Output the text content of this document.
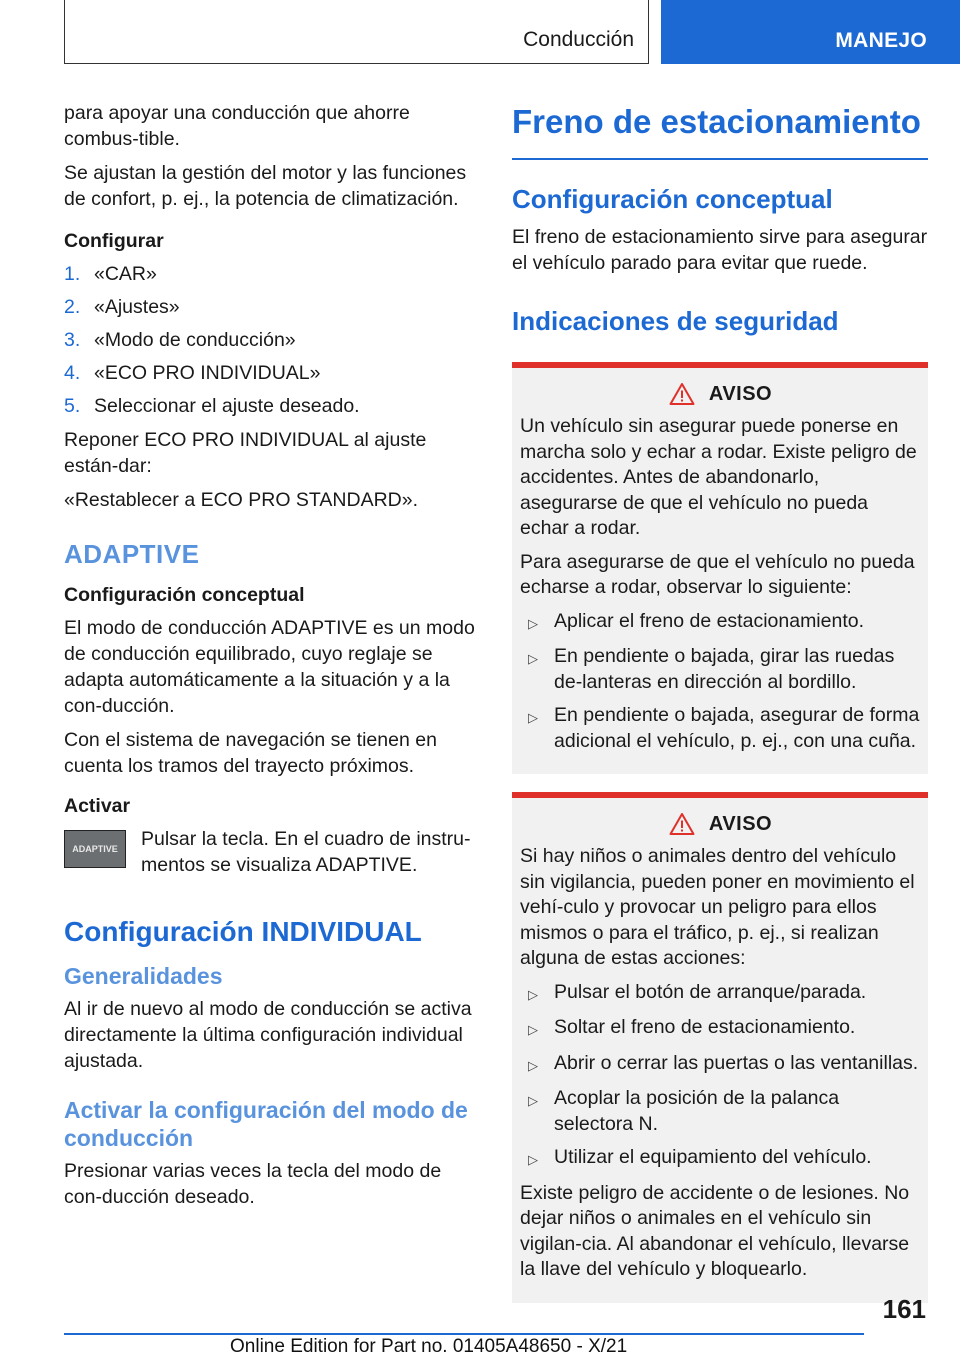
Conducción	MANEJO

para apoyar una conducción que ahorre combus-tible.

Se ajustan la gestión del motor y las funciones de confort, p. ej., la potencia de climatización.

Configurar
1. «CAR»
2. «Ajustes»
3. «Modo de conducción»
4. «ECO PRO INDIVIDUAL»
5. Seleccionar el ajuste deseado.

Reponer ECO PRO INDIVIDUAL al ajuste están-dar:

«Restablecer a ECO PRO STANDARD».

ADAPTIVE
Configuración conceptual

El modo de conducción ADAPTIVE es un modo de conducción equilibrado, cuyo reglaje se adapta automáticamente a la situación y a la con-ducción.

Con el sistema de navegación se tienen en cuenta los tramos del trayecto próximos.

Activar
ADAPTIVE	Pulsar la tecla. En el cuadro de instru-mentos se visualiza ADAPTIVE.

Configuración INDIVIDUAL
Generalidades

Al ir de nuevo al modo de conducción se activa directamente la última configuración individual ajustada.

Activar la configuración del modo de conducción

Presionar varias veces la tecla del modo de con-ducción deseado.

Freno de estacionamiento
Configuración conceptual

El freno de estacionamiento sirve para asegurar el vehículo parado para evitar que ruede.

Indicaciones de seguridad
AVISO

Un vehículo sin asegurar puede ponerse en marcha solo y echar a rodar. Existe peligro de accidentes. Antes de abandonarlo, asegurarse de que el vehículo no pueda echar a rodar.

Para asegurarse de que el vehículo no pueda echarse a rodar, observar lo siguiente:

▷ Aplicar el freno de estacionamiento.
▷ En pendiente o bajada, girar las ruedas de-lanteras en dirección al bordillo.
▷ En pendiente o bajada, asegurar de forma adicional el vehículo, p. ej., con una cuña.
AVISO

Si hay niños o animales dentro del vehículo sin vigilancia, pueden poner en movimiento el vehí-culo y provocar un peligro para ellos mismos o para el tráfico, p. ej., si realizan alguna de estas acciones:

▷ Pulsar el botón de arranque/parada.
▷ Soltar el freno de estacionamiento.
▷ Abrir o cerrar las puertas o las ventanillas.
▷ Acoplar la posición de la palanca selectora N.
▷ Utilizar el equipamiento del vehículo.

Existe peligro de accidente o de lesiones. No dejar niños o animales en el vehículo sin vigilan-cia. Al abandonar el vehículo, llevarse la llave del vehículo y bloquearlo.

161
Online Edition for Part no. 01405A48650 - X/21
